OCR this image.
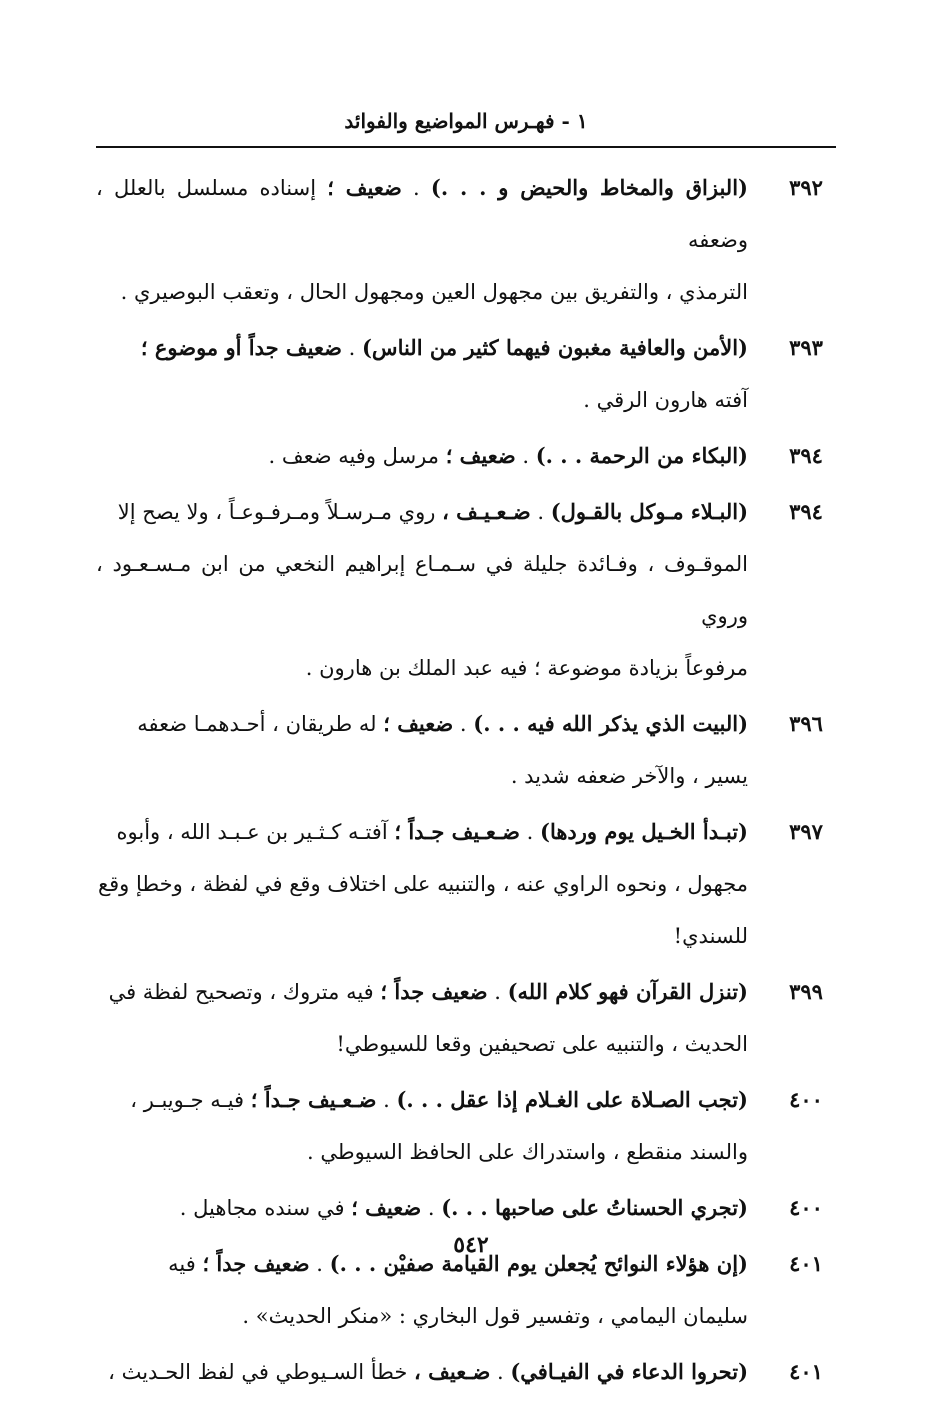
١ - فهـرس المواضيع والفوائد
٣٩٢
(البزاق والمخاط والحيض و . . .) . ضعيف ؛ إسناده مسلسل بالعلل ، وضعفه
الترمذي ، والتفريق بين مجهول العين ومجهول الحال ، وتعقب البوصيري .
٣٩٣
(الأمن والعافية مغبون فيهما كثير من الناس) . ضعيف جداً أو موضوع ؛
آفته هارون الرقي .
٣٩٤
(البكاء من الرحمة . . .) . ضعيف ؛ مرسل وفيه ضعف .
٣٩٤
(البـلاء مـوكل بالقـول) . ضـعـيـف ، روي مـرسـلاً ومـرفـوعـاً ، ولا يصح إلا
الموقـوف ، وفـائدة جليلة في سـمـاع إبراهيم النخعي من ابن مـسـعـود ، وروي
مرفوعاً بزيادة موضوعة ؛ فيه عبد الملك بن هارون .
٣٩٦
(البيت الذي يذكر الله فيه . . .) . ضعيف ؛ له طريقان ، أحـدهمـا ضعفه
يسير ، والآخر ضعفه شديد .
٣٩٧
(تبـدأ الخـيل يوم وردها) . ضـعـيف جـداً ؛ آفتـه كـثـير بن عـبـد الله ، وأبوه
مجهول ، ونحوه الراوي عنه ، والتنبيه على اختلاف وقع في لفظة ، وخطإ وقع
للسندي!
٣٩٩
(تنزل القرآن فهو كلام الله) . ضعيف جداً ؛ فيه متروك ، وتصحيح لفظة في
الحديث ، والتنبيه على تصحيفين وقعا للسيوطي!
٤٠٠
(تجب الصـلاة على الغـلام إذا عقل . . .) . ضـعـيف جـداً ؛ فيـه جـويبـر ،
والسند منقطع ، واستدراك على الحافظ السيوطي .
٤٠٠
(تجري الحسناتُ على صاحبها . . .) . ضعيف ؛ في سنده مجاهيل .
٤٠١
(إن هؤلاء النوائح يُجعلن يوم القيامة صفيْن . . .) . ضعيف جداً ؛ فيه
سليمان اليمامي ، وتفسير قول البخاري : «منكر الحديث» .
٤٠١
(تحروا الدعاء في الفيـافي) . ضـعيف ، خطأ السـيوطي في لفظ الحـديث ،
٥٤٢
